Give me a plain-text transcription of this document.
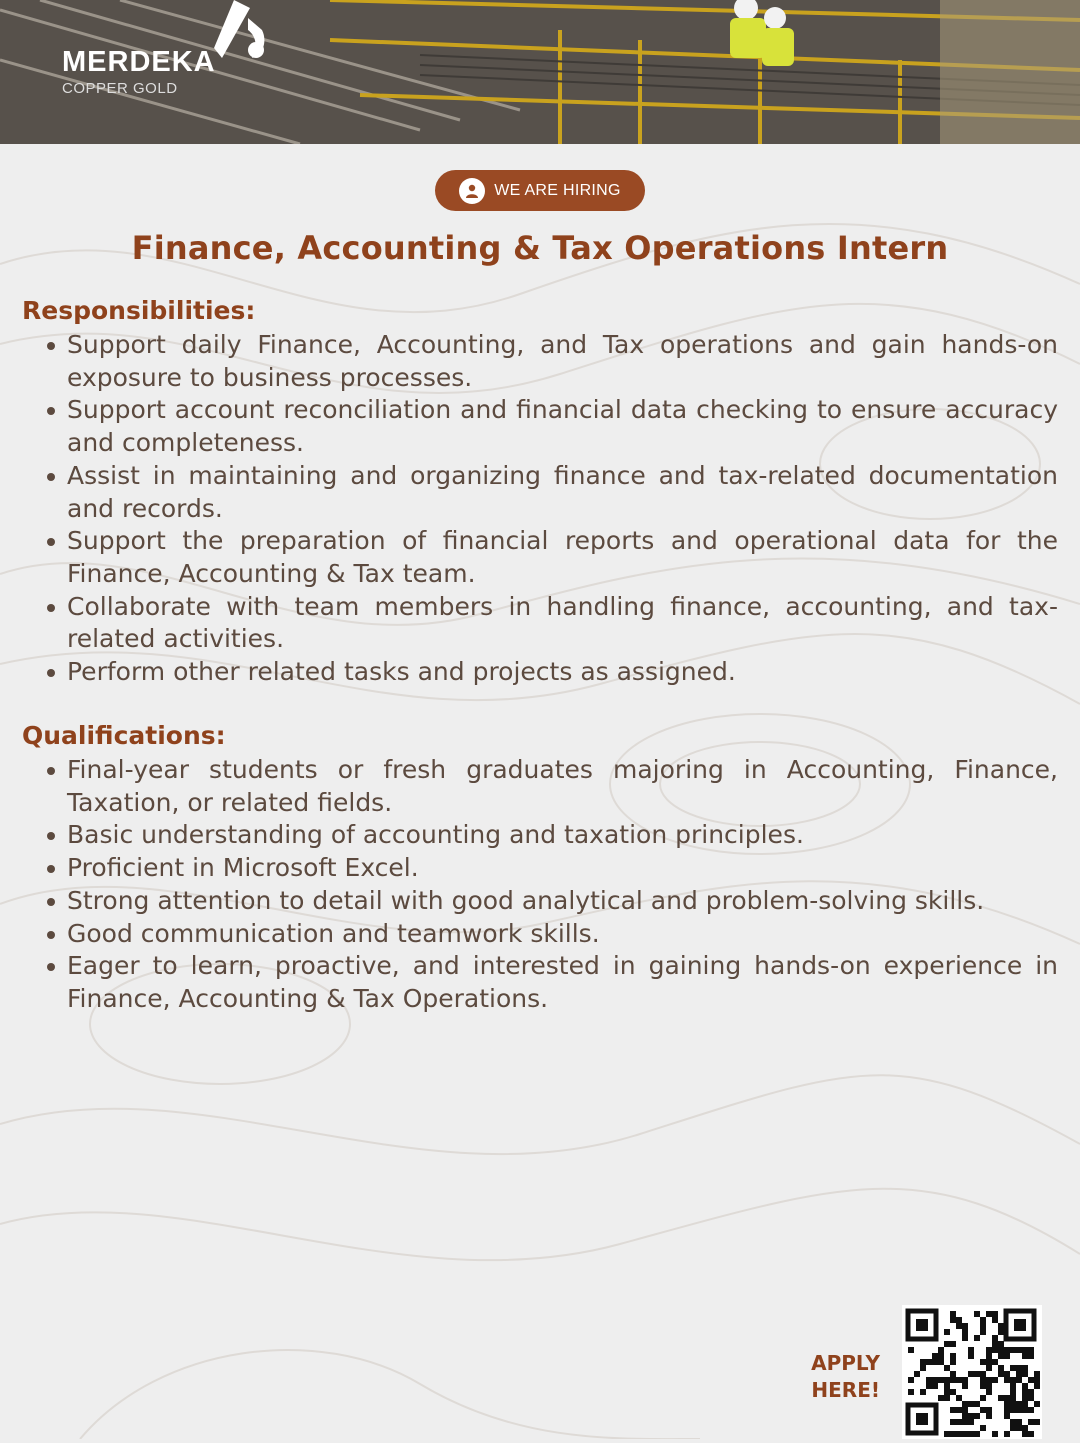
MERDEKA
COPPER GOLD
WE ARE HIRING
Finance, Accounting & Tax Operations Intern
Responsibilities:
Support daily Finance, Accounting, and Tax operations and gain hands-on exposure to business processes.
Support account reconciliation and financial data checking to ensure accuracy and completeness.
Assist in maintaining and organizing finance and tax-related documentation and records.
Support the preparation of financial reports and operational data for the Finance, Accounting & Tax team.
Collaborate with team members in handling finance, accounting, and tax-related activities.
Perform other related tasks and projects as assigned.
Qualifications:
Final-year students or fresh graduates majoring in Accounting, Finance, Taxation, or related fields.
Basic understanding of accounting and taxation principles.
Proficient in Microsoft Excel.
Strong attention to detail with good analytical and problem-solving skills.
Good communication and teamwork skills.
Eager to learn, proactive, and interested in gaining hands-on experience in Finance, Accounting & Tax Operations.
APPLY
HERE!
